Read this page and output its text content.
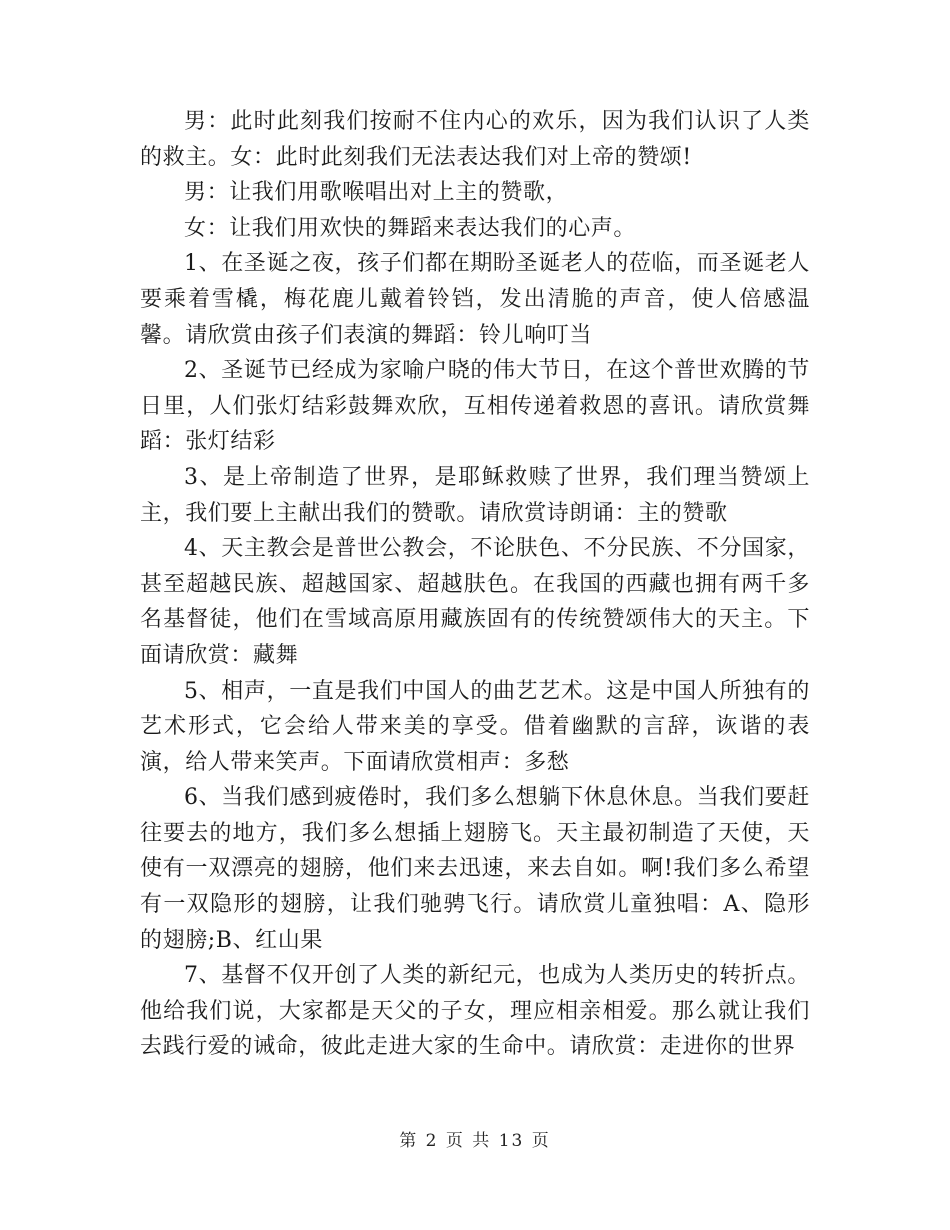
男：此时此刻我们按耐不住内心的欢乐，因为我们认识了人类的救主。女：此时此刻我们无法表达我们对上帝的赞颂!

男：让我们用歌喉唱出对上主的赞歌，

女：让我们用欢快的舞蹈来表达我们的心声。

1、在圣诞之夜，孩子们都在期盼圣诞老人的莅临，而圣诞老人要乘着雪橇，梅花鹿儿戴着铃铛，发出清脆的声音，使人倍感温馨。请欣赏由孩子们表演的舞蹈：铃儿响叮当

2、圣诞节已经成为家喻户晓的伟大节日，在这个普世欢腾的节日里，人们张灯结彩鼓舞欢欣，互相传递着救恩的喜讯。请欣赏舞蹈：张灯结彩

3、是上帝制造了世界，是耶稣救赎了世界，我们理当赞颂上主，我们要上主献出我们的赞歌。请欣赏诗朗诵：主的赞歌

4、天主教会是普世公教会，不论肤色、不分民族、不分国家，甚至超越民族、超越国家、超越肤色。在我国的西藏也拥有两千多名基督徒，他们在雪域高原用藏族固有的传统赞颂伟大的天主。下面请欣赏：藏舞

5、相声，一直是我们中国人的曲艺艺术。这是中国人所独有的艺术形式，它会给人带来美的享受。借着幽默的言辞，诙谐的表演，给人带来笑声。下面请欣赏相声：多愁

6、当我们感到疲倦时，我们多么想躺下休息休息。当我们要赶往要去的地方，我们多么想插上翅膀飞。天主最初制造了天使，天使有一双漂亮的翅膀，他们来去迅速，来去自如。啊!我们多么希望有一双隐形的翅膀，让我们驰骋飞行。请欣赏儿童独唱：A、隐形的翅膀;B、红山果

7、基督不仅开创了人类的新纪元，也成为人类历史的转折点。他给我们说，大家都是天父的子女，理应相亲相爱。那么就让我们去践行爱的诫命，彼此走进大家的生命中。请欣赏：走进你的世界

第 2 页 共 13 页
